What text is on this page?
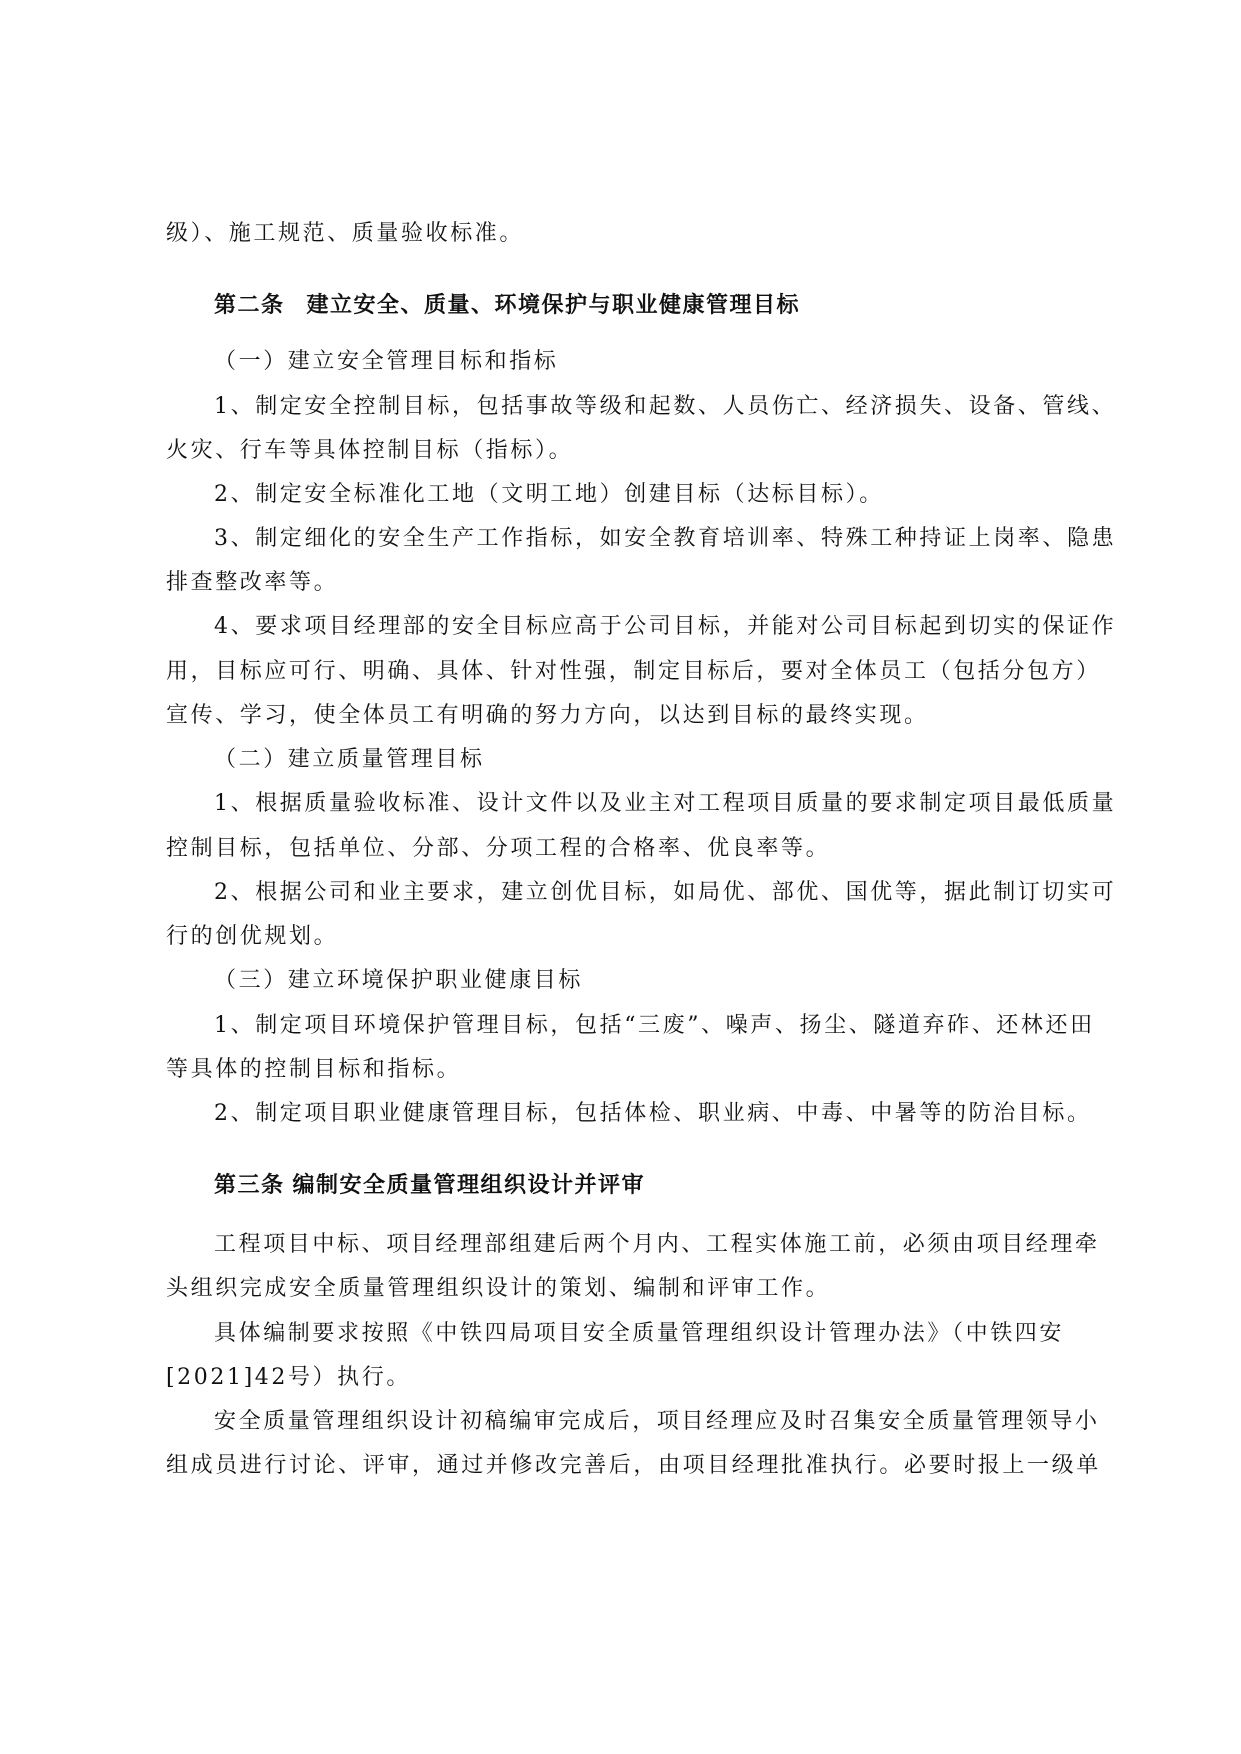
级）、施工规范、质量验收标准。

第二条 建立安全、质量、环境保护与职业健康管理目标

（一）建立安全管理目标和指标

1、制定安全控制目标，包括事故等级和起数、人员伤亡、经济损失、设备、管线、

火灾、行车等具体控制目标（指标）。

2、制定安全标准化工地（文明工地）创建目标（达标目标）。

3、制定细化的安全生产工作指标，如安全教育培训率、特殊工种持证上岗率、隐患

排查整改率等。

4、要求项目经理部的安全目标应高于公司目标，并能对公司目标起到切实的保证作

用，目标应可行、明确、具体、针对性强，制定目标后，要对全体员工（包括分包方）

宣传、学习，使全体员工有明确的努力方向，以达到目标的最终实现。

（二）建立质量管理目标

1、根据质量验收标准、设计文件以及业主对工程项目质量的要求制定项目最低质量

控制目标，包括单位、分部、分项工程的合格率、优良率等。

2、根据公司和业主要求，建立创优目标，如局优、部优、国优等，据此制订切实可

行的创优规划。

（三）建立环境保护职业健康目标

1、制定项目环境保护管理目标，包括“三废”、噪声、扬尘、隧道弃砟、还林还田

等具体的控制目标和指标。

2、制定项目职业健康管理目标，包括体检、职业病、中毒、中暑等的防治目标。

第三条 编制安全质量管理组织设计并评审

工程项目中标、项目经理部组建后两个月内、工程实体施工前，必须由项目经理牵

头组织完成安全质量管理组织设计的策划、编制和评审工作。

具体编制要求按照《中铁四局项目安全质量管理组织设计管理办法》（中铁四安

[2021]42号）执行。

安全质量管理组织设计初稿编审完成后，项目经理应及时召集安全质量管理领导小

组成员进行讨论、评审，通过并修改完善后，由项目经理批准执行。必要时报上一级单
